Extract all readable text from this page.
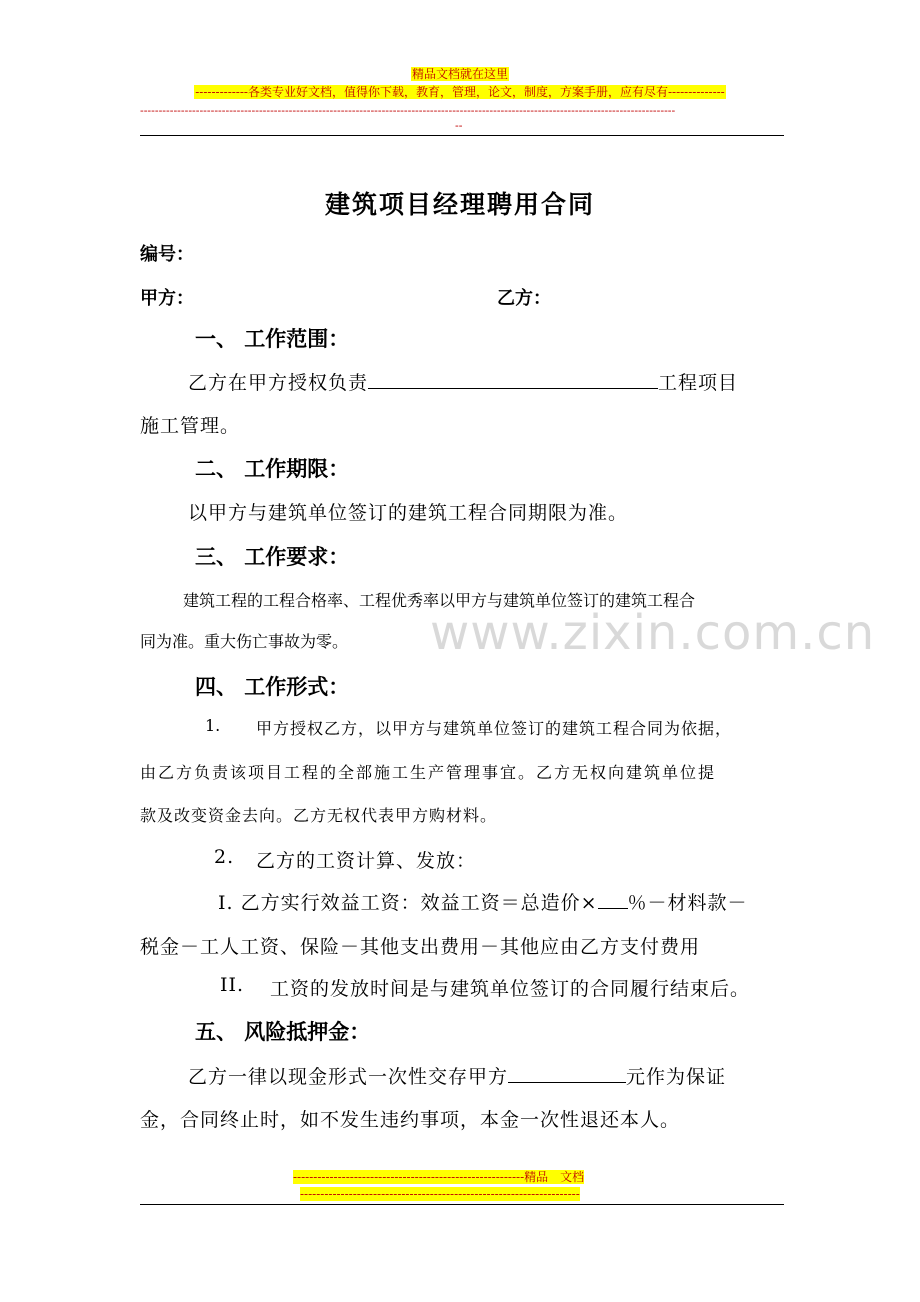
精品文档就在这里
-------------各类专业好文档，值得你下载，教育，管理，论文，制度，方案手册，应有尽有--------------
------------------------------------------------------------------------------------------------------------------------------------------------
--
www.zixin.com.cn
建筑项目经理聘用合同
编号：
甲方：	乙方：
一、 工作范围：
乙方在甲方授权负责	工程项目
施工管理。
二、 工作期限：
以甲方与建筑单位签订的建筑工程合同期限为准。
三、 工作要求：
建筑工程的工程合格率、工程优秀率以甲方与建筑单位签订的建筑工程合
同为准。重大伤亡事故为零。
四、 工作形式：
1. 甲方授权乙方，以甲方与建筑单位签订的建筑工程合同为依据，
由乙方负责该项目工程的全部施工生产管理事宜。乙方无权向建筑单位提
款及改变资金去向。乙方无权代表甲方购材料。
2. 乙方的工资计算、发放：
I. 乙方实行效益工资：效益工资＝总造价× ％－材料款－
税金－工人工资、保险－其他支出费用－其他应由乙方支付费用
II. 工资的发放时间是与建筑单位签订的合同履行结束后。
五、 风险抵押金：
乙方一律以现金形式一次性交存甲方	元作为保证
金，合同终止时，如不发生违约事项，本金一次性退还本人。
---------------------------------------------------------精品　文档
---------------------------------------------------------------------
